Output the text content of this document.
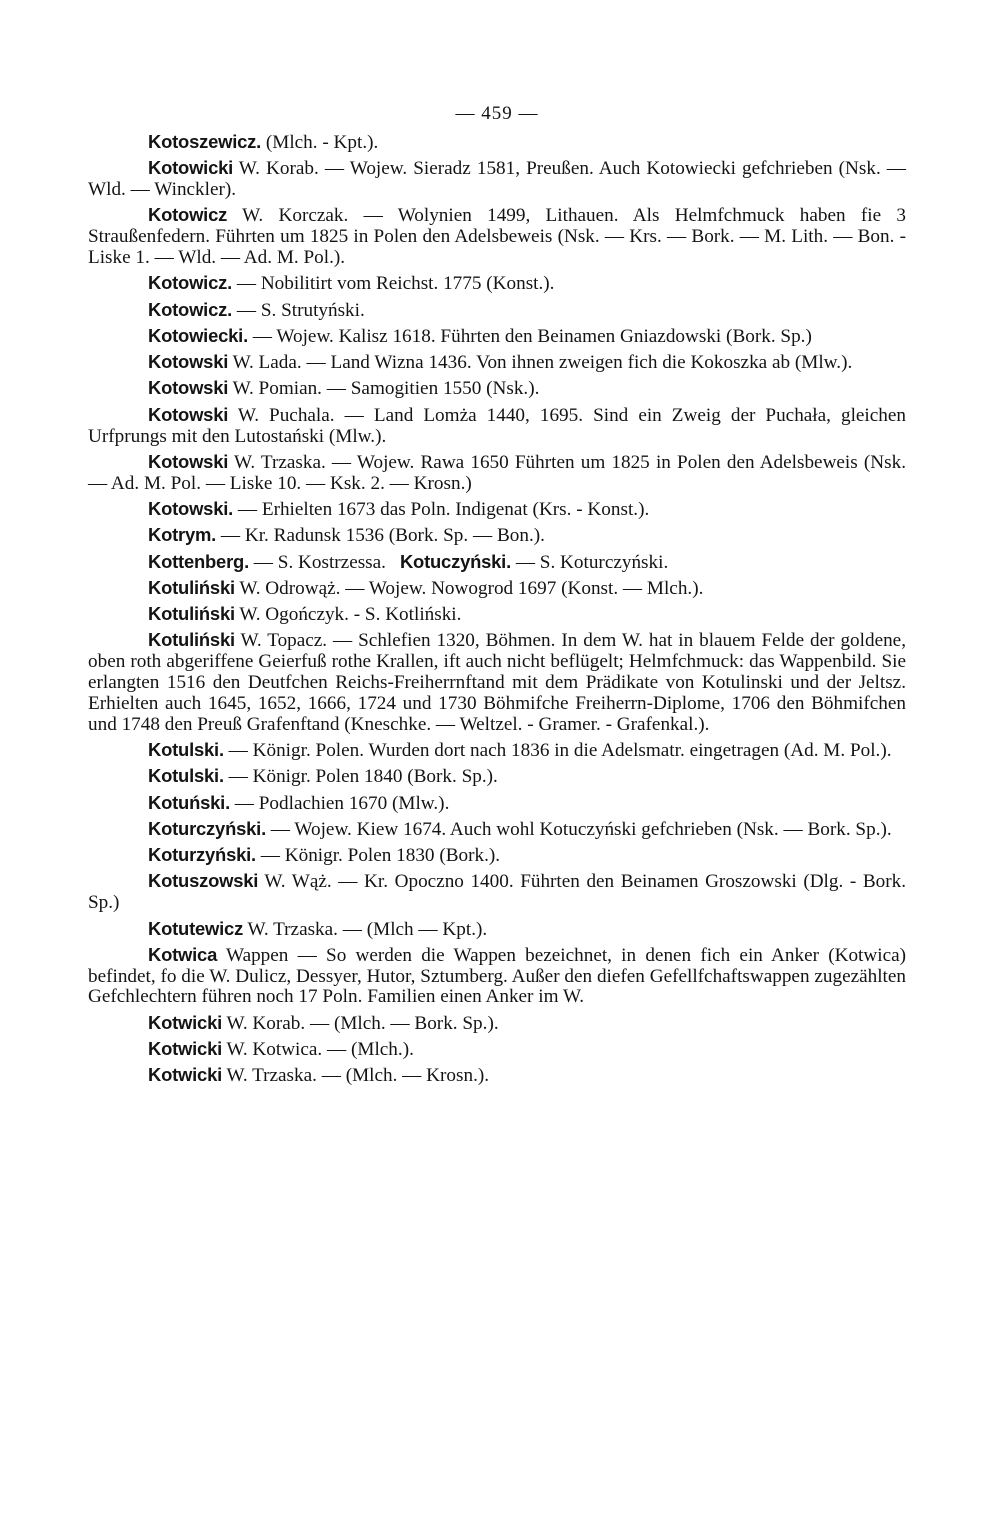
— 459 —

Kotoszewicz. (Mlch. - Kpt.).

Kotowicki W. Korab. — Wojew. Sieradz 1581, Preußen. Auch Kotowiecki gefchrieben (Nsk. — Wld. — Winckler).

Kotowicz W. Korczak. — Wolynien 1499, Lithauen. Als Helmfchmuck haben fie 3 Straußenfedern. Führten um 1825 in Polen den Adelsbeweis (Nsk. — Krs. — Bork. — M. Lith. — Bon. - Liske 1. — Wld. — Ad. M. Pol.).

Kotowicz. — Nobilitirt vom Reichst. 1775 (Konst.).

Kotowicz. — S. Strutyński.

Kotowiecki. — Wojew. Kalisz 1618. Führten den Beinamen Gniazdowski (Bork. Sp.)

Kotowski W. Lada. — Land Wizna 1436. Von ihnen zweigen fich die Kokoszka ab (Mlw.).

Kotowski W. Pomian. — Samogitien 1550 (Nsk.).

Kotowski W. Puchala. — Land Lomża 1440, 1695. Sind ein Zweig der Puchała, gleichen Urfprungs mit den Lutostański (Mlw.).

Kotowski W. Trzaska. — Wojew. Rawa 1650 Führten um 1825 in Polen den Adelsbeweis (Nsk. — Ad. M. Pol. — Liske 10. — Ksk. 2. — Krosn.)

Kotowski. — Erhielten 1673 das Poln. Indigenat (Krs. - Konst.).

Kotrym. — Kr. Radunsk 1536 (Bork. Sp. — Bon.).

Kottenberg. — S. Kostrzessa. Kotuczyński. — S. Koturczyński.

Kotuliński W. Odrowąż. — Wojew. Nowogrod 1697 (Konst. — Mlch.).

Kotuliński W. Ogończyk. - S. Kotliński.

Kotuliński W. Topacz. — Schlefien 1320, Böhmen. In dem W. hat in blauem Felde der goldene, oben roth abgeriffene Geierfuß rothe Krallen, ift auch nicht beflügelt; Helmfchmuck: das Wappenbild. Sie erlangten 1516 den Deutfchen Reichs-Freiherrnftand mit dem Prädikate von Kotulinski und der Jeltsz. Erhielten auch 1645, 1652, 1666, 1724 und 1730 Böhmifche Freiherrn-Diplome, 1706 den Böhmifchen und 1748 den Preuß Grafenftand (Kneschke. — Weltzel. - Gramer. - Grafenkal.).

Kotulski. — Königr. Polen. Wurden dort nach 1836 in die Adelsmatr. eingetragen (Ad. M. Pol.).

Kotulski. — Königr. Polen 1840 (Bork. Sp.).

Kotuński. — Podlachien 1670 (Mlw.).

Koturczyński. — Wojew. Kiew 1674. Auch wohl Kotuczyński gefchrieben (Nsk. — Bork. Sp.).

Koturzyński. — Königr. Polen 1830 (Bork.).

Kotuszowski W. Wąż. — Kr. Opoczno 1400. Führten den Beinamen Groszowski (Dlg. - Bork. Sp.)

Kotutewicz W. Trzaska. — (Mlch — Kpt.).

Kotwica Wappen — So werden die Wappen bezeichnet, in denen fich ein Anker (Kotwica) befindet, fo die W. Dulicz, Dessyer, Hutor, Sztumberg. Außer den diefen Gefellfchaftswappen zugezählten Gefchlechtern führen noch 17 Poln. Familien einen Anker im W.

Kotwicki W. Korab. — (Mlch. — Bork. Sp.).

Kotwicki W. Kotwica. — (Mlch.).

Kotwicki W. Trzaska. — (Mlch. — Krosn.).
